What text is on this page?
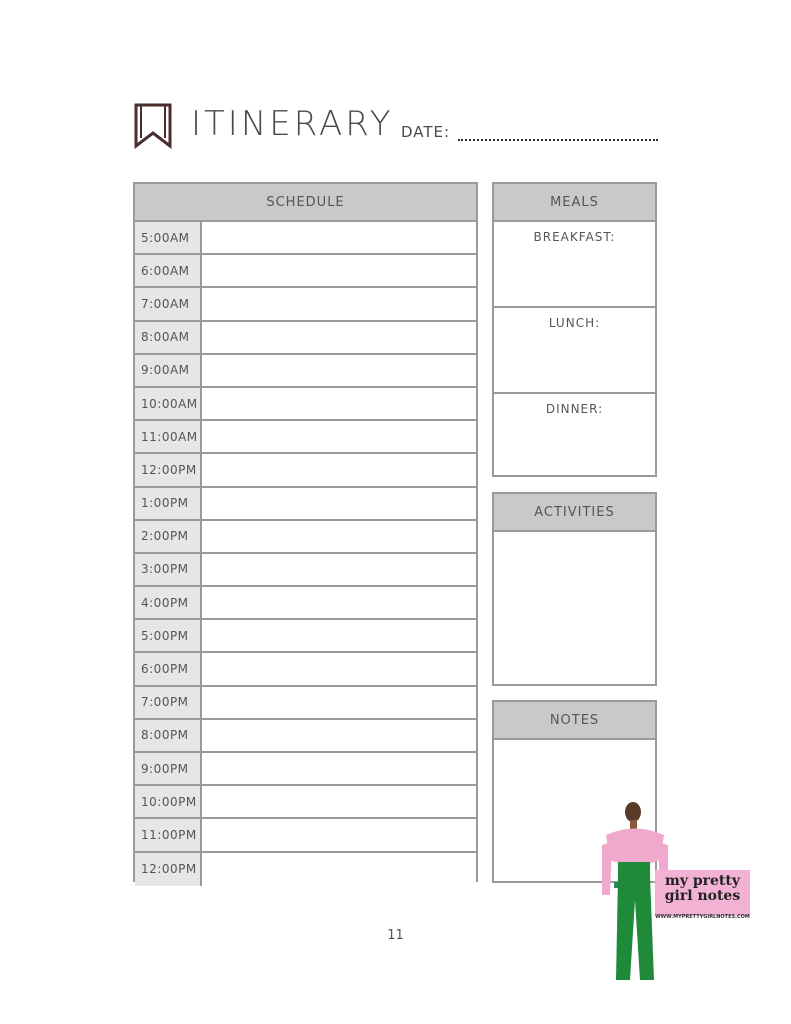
ITINERARY DATE:
SCHEDULE
5:00AM
6:00AM
7:00AM
8:00AM
9:00AM
10:00AM
11:00AM
12:00PM
1:00PM
2:00PM
3:00PM
4:00PM
5:00PM
6:00PM
7:00PM
8:00PM
9:00PM
10:00PM
11:00PM
12:00PM
MEALS
BREAKFAST:
LUNCH:
DINNER:
ACTIVITIES
NOTES
11
my pretty
girl notes
WWW.MYPRETTYGIRLNOTES.COM
